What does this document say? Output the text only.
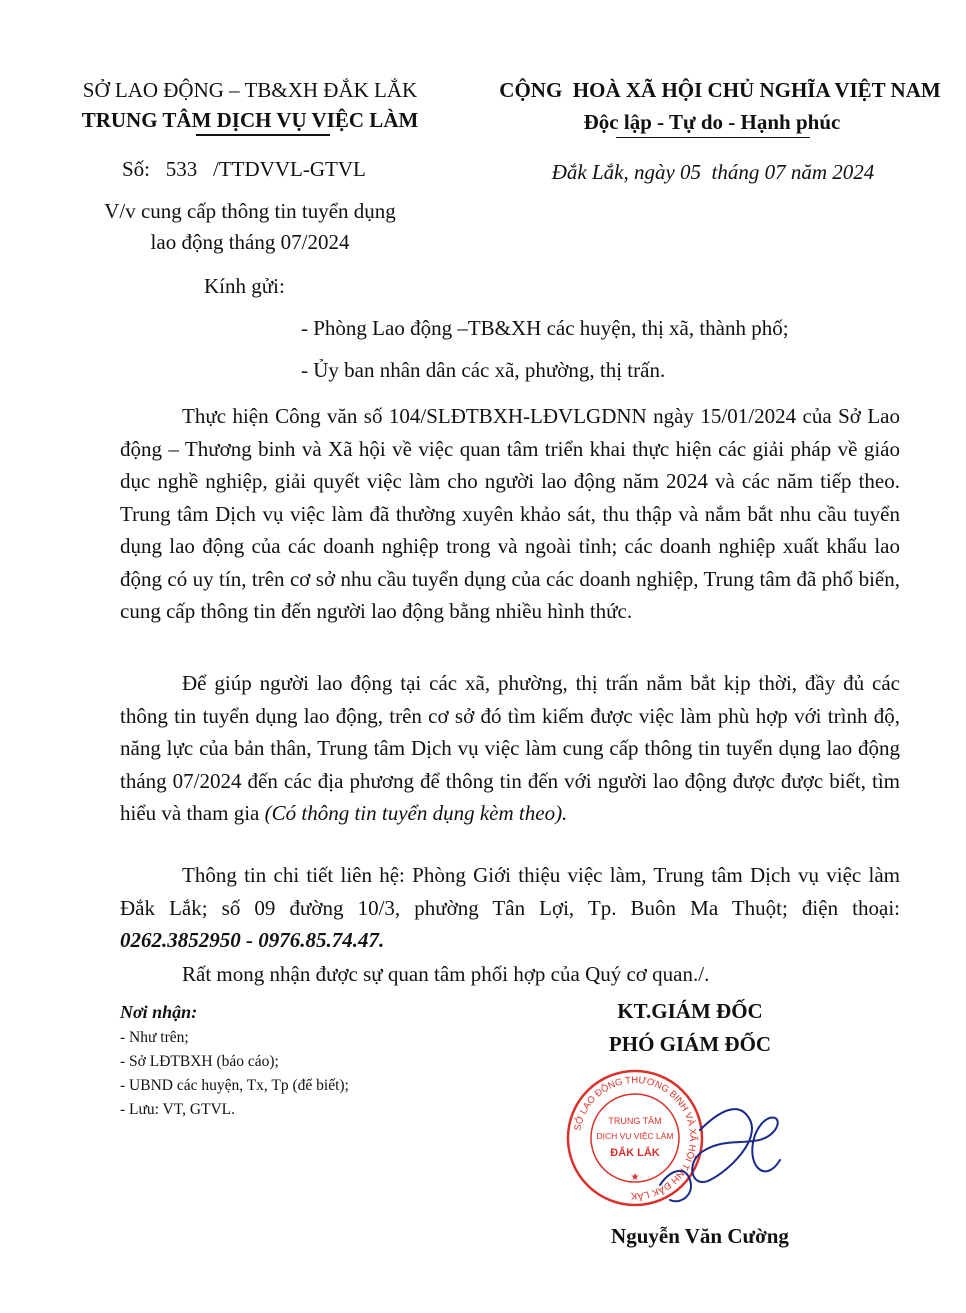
SỞ LAO ĐỘNG – TB&XH ĐẮK LẮK
TRUNG TÂM DỊCH VỤ VIỆC LÀM
Số:   533   /TTDVVL-GTVL
V/v cung cấp thông tin tuyển dụng
lao động tháng 07/2024
CỘNG  HOÀ XÃ HỘI CHỦ NGHĨA VIỆT NAM
Độc lập - Tự do - Hạnh phúc
Đắk Lắk, ngày 05  tháng 07 năm 2024
Kính gửi:
- Phòng Lao động –TB&XH các huyện, thị xã, thành phố;
- Ủy ban nhân dân các xã, phường, thị trấn.
Thực hiện Công văn số 104/SLĐTBXH-LĐVLGDNN ngày 15/01/2024 của Sở Lao động – Thương binh và Xã hội về việc quan tâm triển khai thực hiện các giải pháp về giáo dục nghề nghiệp, giải quyết việc làm cho người lao động năm 2024 và các năm tiếp theo. Trung tâm Dịch vụ việc làm đã thường xuyên khảo sát, thu thập và nắm bắt nhu cầu tuyển dụng lao động của các doanh nghiệp trong và ngoài tỉnh; các doanh nghiệp xuất khẩu lao động có uy tín, trên cơ sở nhu cầu tuyển dụng của các doanh nghiệp, Trung tâm đã phổ biến, cung cấp thông tin đến người lao động bằng nhiều hình thức.
Để giúp người lao động tại các xã, phường, thị trấn nắm bắt kịp thời, đầy đủ các thông tin tuyển dụng lao động, trên cơ sở đó tìm kiếm được việc làm phù hợp với trình độ, năng lực của bản thân, Trung tâm Dịch vụ việc làm cung cấp thông tin tuyển dụng lao động tháng 07/2024 đến các địa phương để thông tin đến với người lao động được được biết, tìm hiểu và tham gia (Có thông tin tuyển dụng kèm theo).
Thông tin chi tiết liên hệ: Phòng Giới thiệu việc làm, Trung tâm Dịch vụ việc làm Đắk Lắk; số 09 đường 10/3, phường Tân Lợi, Tp. Buôn Ma Thuột; điện thoại: 0262.3852950 - 0976.85.74.47.
Rất mong nhận được sự quan tâm phối hợp của Quý cơ quan./.
Nơi nhận:
- Như trên;
- Sở LĐTBXH (báo cáo);
- UBND các huyện, Tx, Tp (để biết);
- Lưu: VT, GTVL.
KT.GIÁM ĐỐC
PHÓ GIÁM ĐỐC
SỞ LAO ĐỘNG THƯƠNG BINH VÀ XÃ HỘI TỈNH ĐẮK LẮK
TRUNG TÂM
DỊCH VỤ VIỆC LÀM
ĐẮK LẮK
★
Nguyễn Văn Cường
